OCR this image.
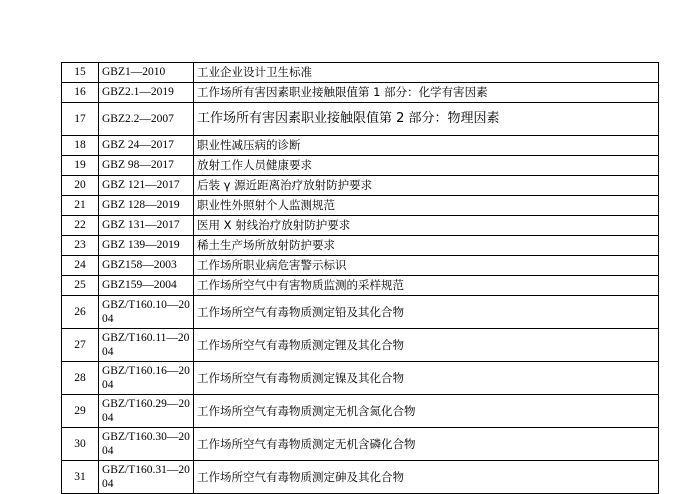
15	GBZ1—2010	工业企业设计卫生标准
16	GBZ2.1—2019	工作场所有害因素职业接触限值第 1 部分：化学有害因素
17	GBZ2.2—2007	工作场所有害因素职业接触限值第 2 部分：物理因素
18	GBZ 24—2017	职业性减压病的诊断
19	GBZ 98—2017	放射工作人员健康要求
20	GBZ 121—2017	后装 γ 源近距离治疗放射防护要求
21	GBZ 128—2019	职业性外照射个人监测规范
22	GBZ 131—2017	医用 X 射线治疗放射防护要求
23	GBZ 139—2019	稀土生产场所放射防护要求
24	GBZ158—2003	工作场所职业病危害警示标识
25	GBZ159—2004	工作场所空气中有害物质监测的采样规范
26	GBZ/T160.10—2004	工作场所空气有毒物质测定铅及其化合物
27	GBZ/T160.11—2004	工作场所空气有毒物质测定锂及其化合物
28	GBZ/T160.16—2004	工作场所空气有毒物质测定镍及其化合物
29	GBZ/T160.29—2004	工作场所空气有毒物质测定无机含氮化合物
30	GBZ/T160.30—2004	工作场所空气有毒物质测定无机含磷化合物
31	GBZ/T160.31—2004	工作场所空气有毒物质测定砷及其化合物
